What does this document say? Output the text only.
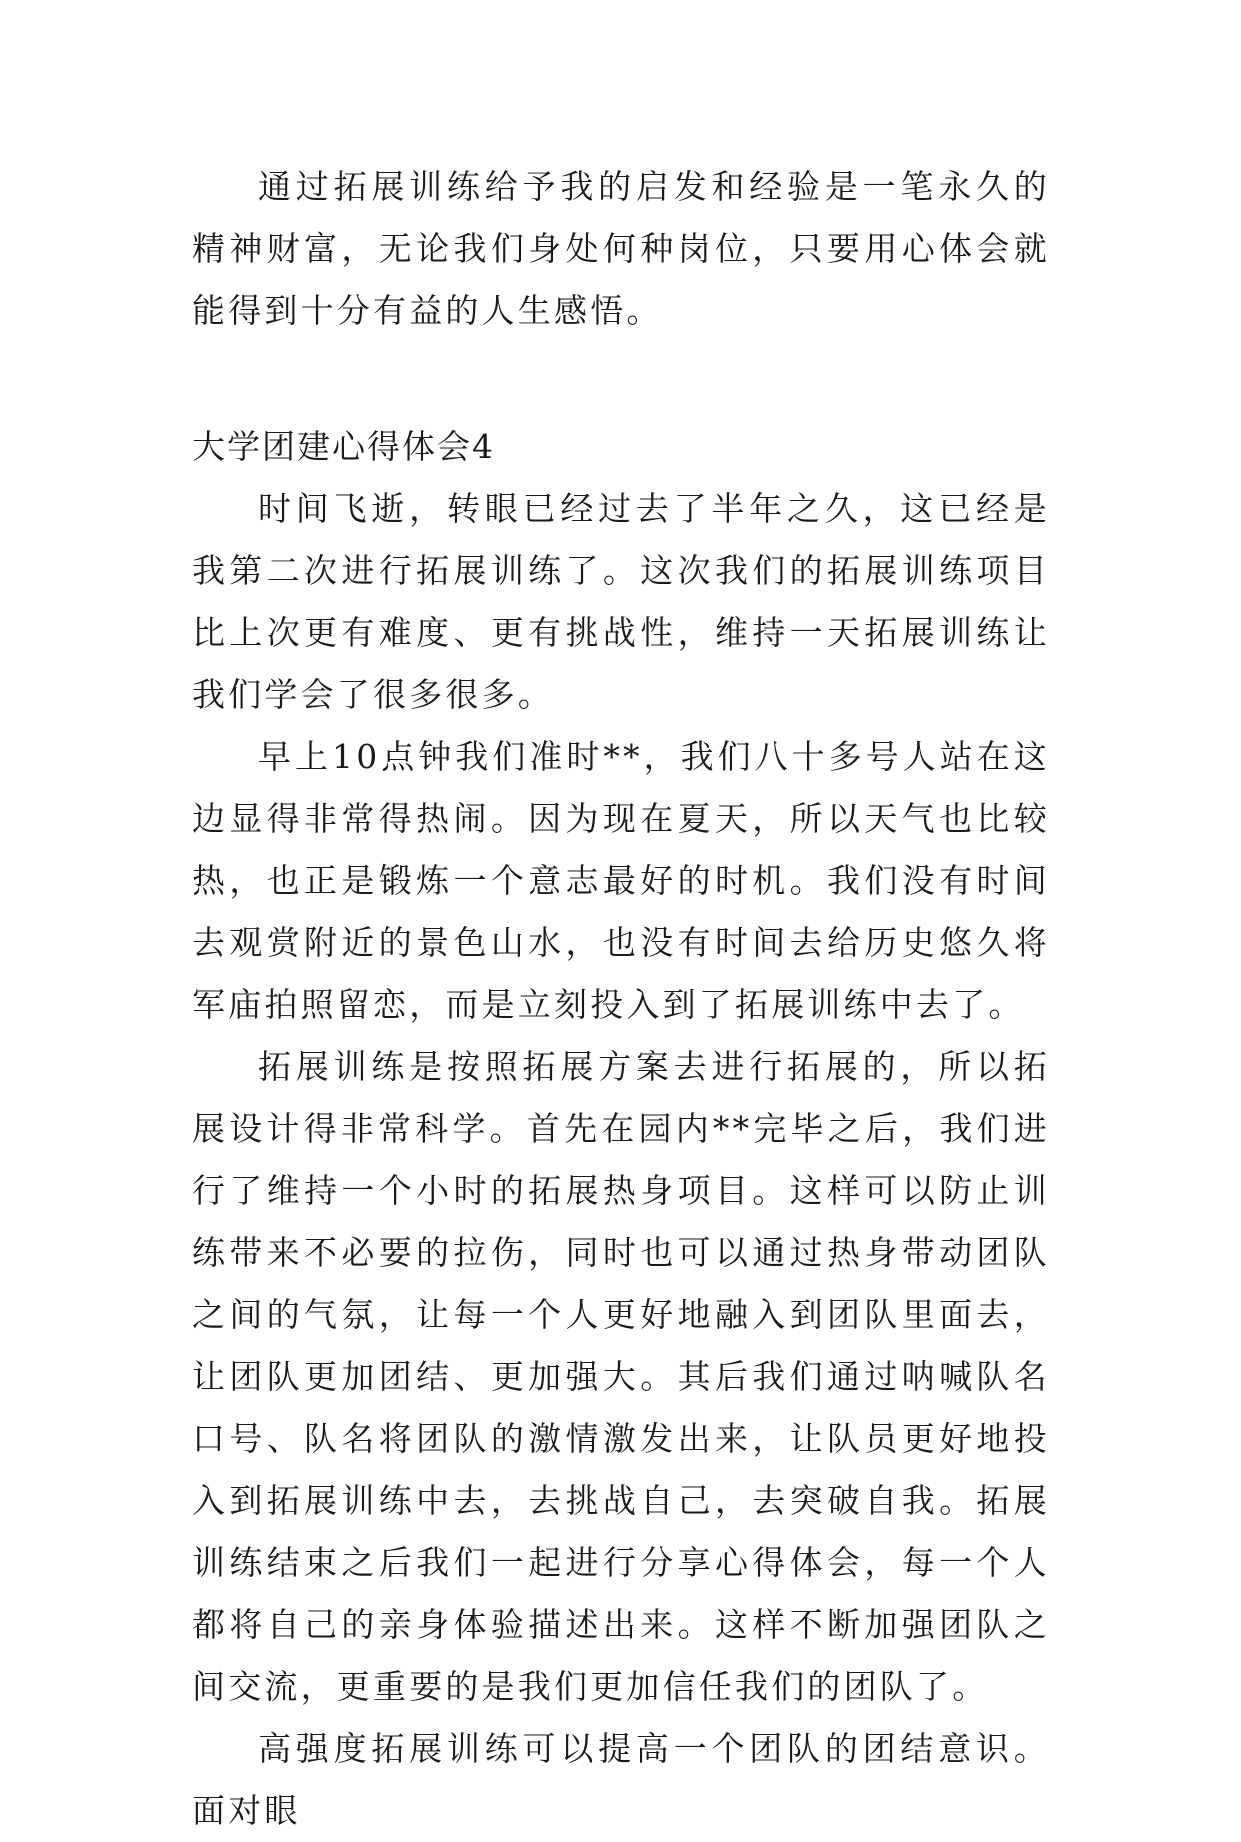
通过拓展训练给予我的启发和经验是一笔永久的精神财富，无论我们身处何种岗位，只要用心体会就能得到十分有益的人生感悟。

大学团建心得体会4

时间飞逝，转眼已经过去了半年之久，这已经是我第二次进行拓展训练了。这次我们的拓展训练项目比上次更有难度、更有挑战性，维持一天拓展训练让我们学会了很多很多。

早上10点钟我们准时**，我们八十多号人站在这边显得非常得热闹。因为现在夏天，所以天气也比较热，也正是锻炼一个意志最好的时机。我们没有时间去观赏附近的景色山水，也没有时间去给历史悠久将军庙拍照留恋，而是立刻投入到了拓展训练中去了。

拓展训练是按照拓展方案去进行拓展的，所以拓展设计得非常科学。首先在园内**完毕之后，我们进行了维持一个小时的拓展热身项目。这样可以防止训练带来不必要的拉伤，同时也可以通过热身带动团队之间的气氛，让每一个人更好地融入到团队里面去，让团队更加团结、更加强大。其后我们通过呐喊队名口号、队名将团队的激情激发出来，让队员更好地投入到拓展训练中去，去挑战自己，去突破自我。拓展训练结束之后我们一起进行分享心得体会，每一个人都将自己的亲身体验描述出来。这样不断加强团队之间交流，更重要的是我们更加信任我们的团队了。

高强度拓展训练可以提高一个团队的团结意识。面对眼
